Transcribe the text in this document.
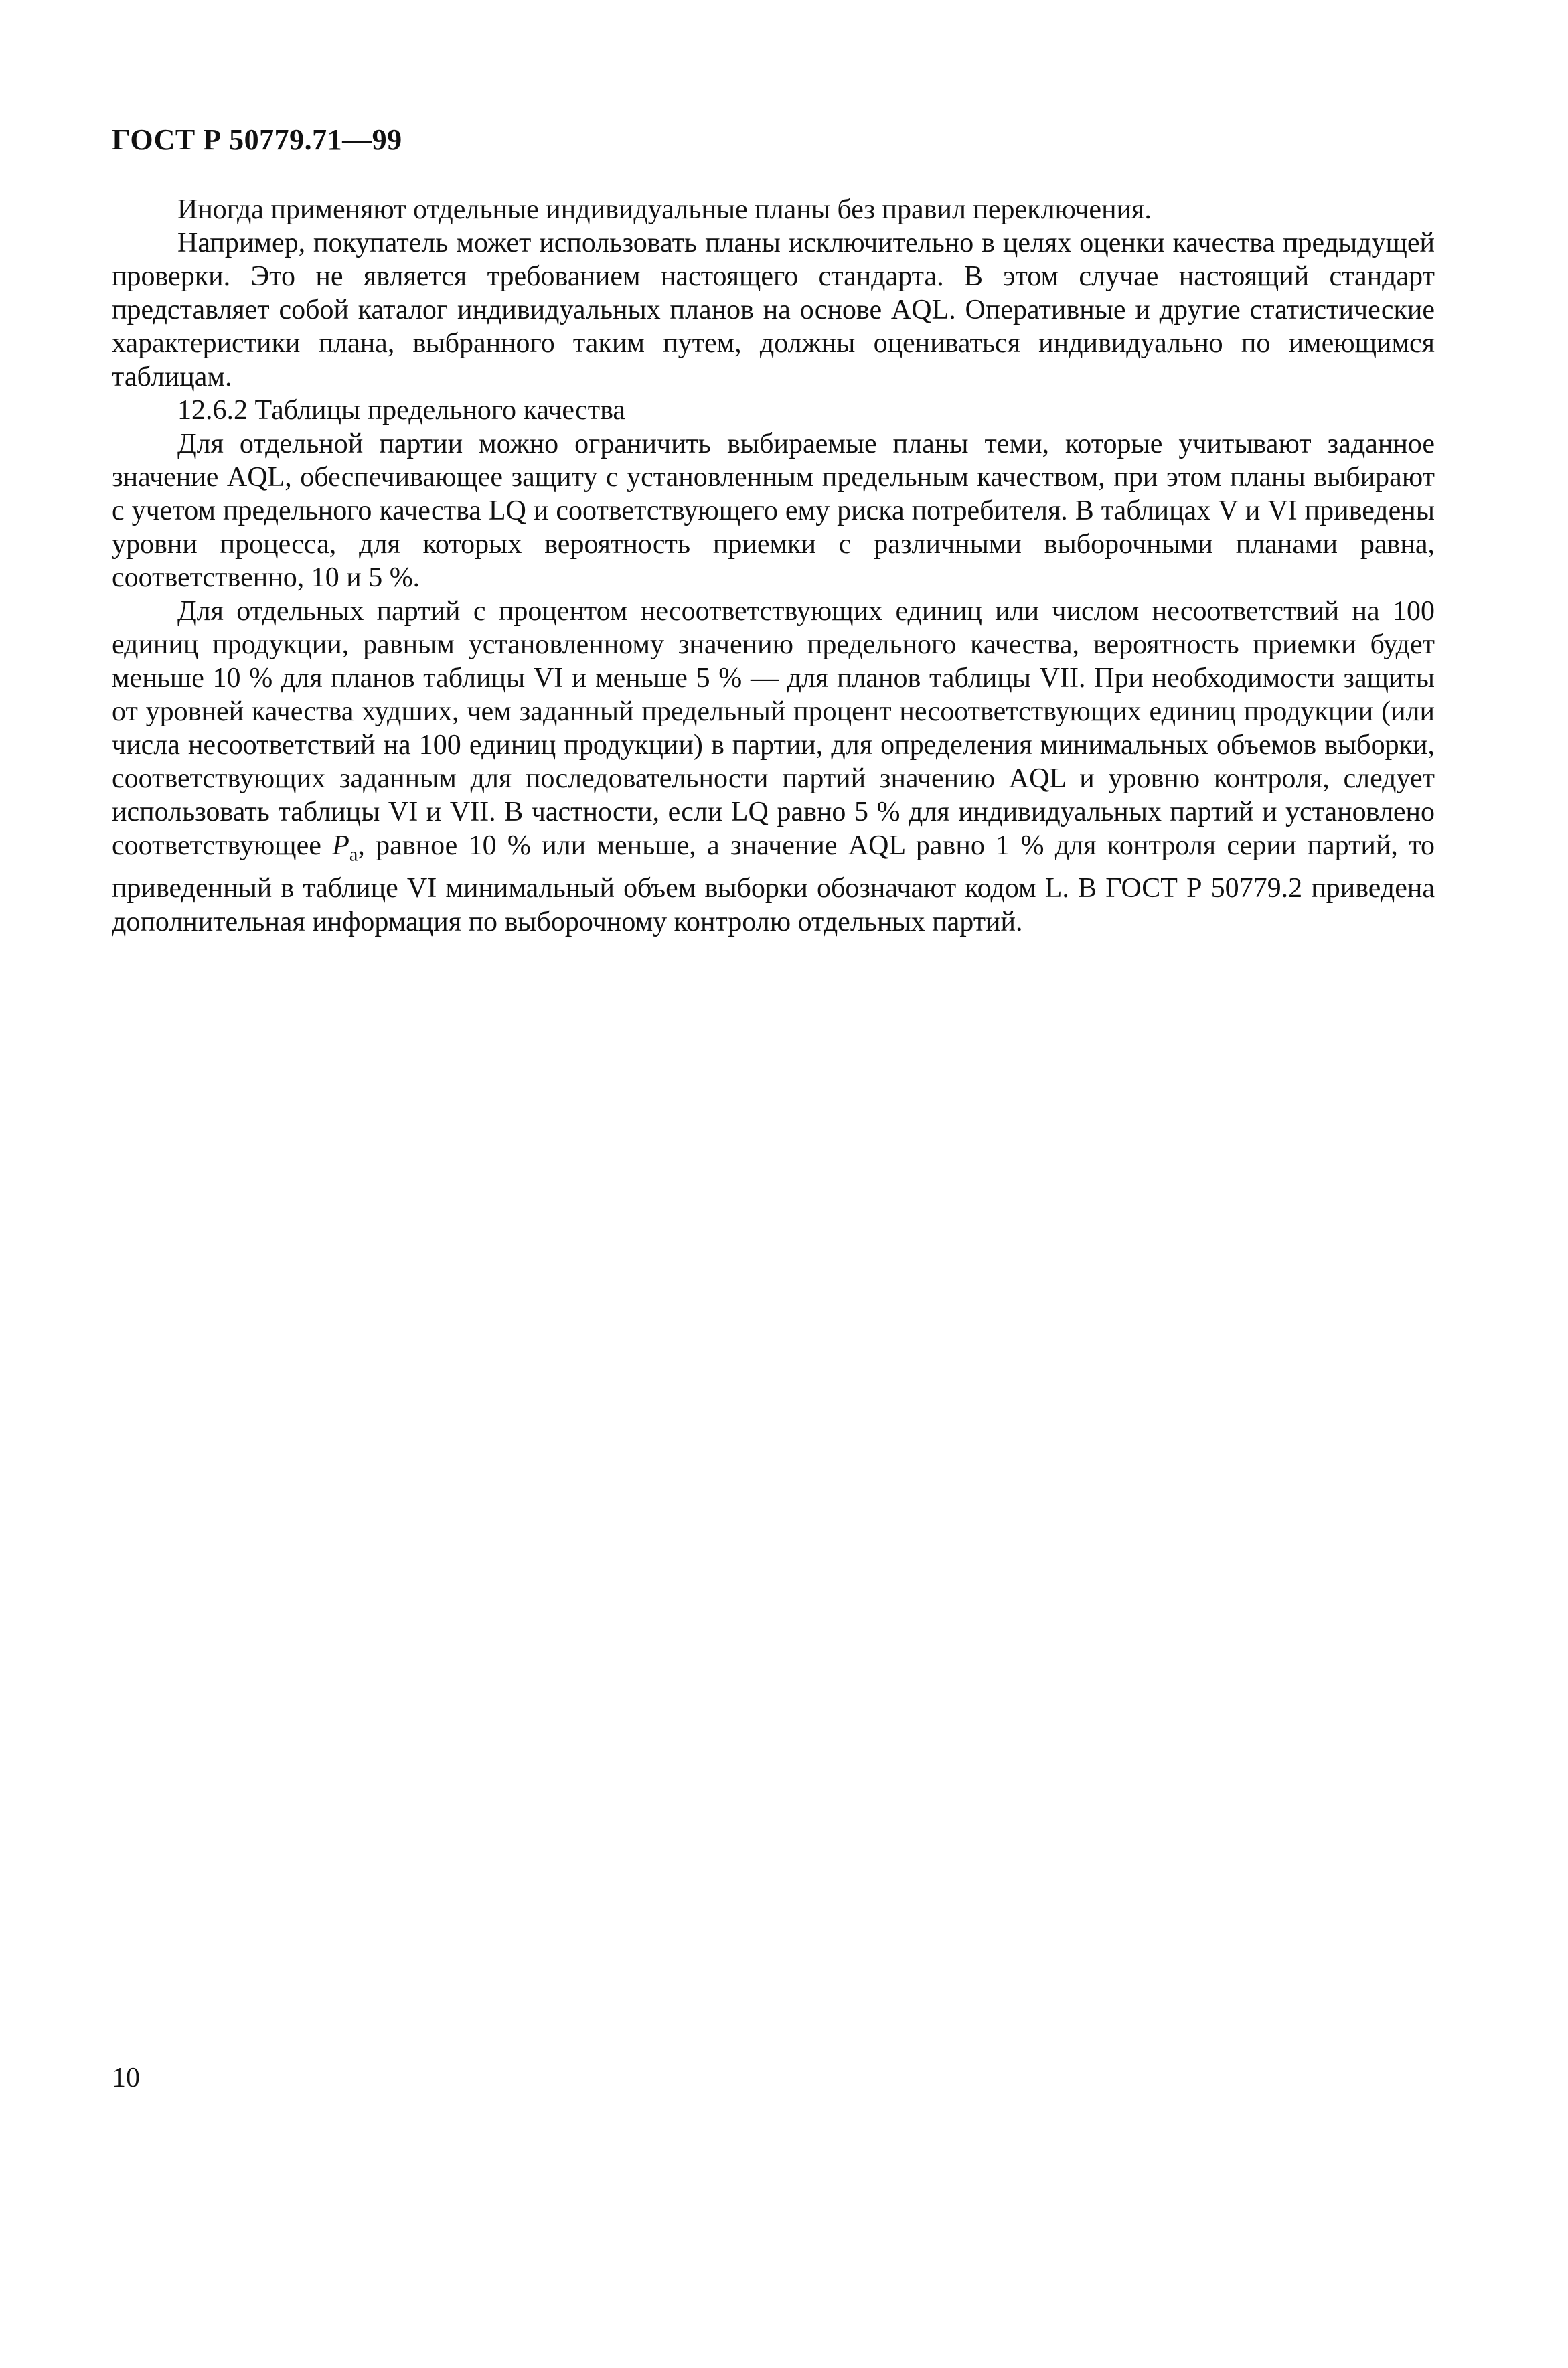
ГОСТ Р 50779.71—99

Иногда применяют отдельные индивидуальные планы без правил переключения.

Например, покупатель может использовать планы исключительно в целях оценки качества предыдущей проверки. Это не является требованием настоящего стандарта. В этом случае настоящий стандарт представляет собой каталог индивидуальных планов на основе AQL. Оперативные и другие статистические характеристики плана, выбранного таким путем, должны оцениваться индивидуально по имеющимся таблицам.

12.6.2 Таблицы предельного качества

Для отдельной партии можно ограничить выбираемые планы теми, которые учитывают заданное значение AQL, обеспечивающее защиту с установленным предельным качеством, при этом планы выбирают с учетом предельного качества LQ и соответствующего ему риска потребителя. В таблицах V и VI приведены уровни процесса, для которых вероятность приемки с различными выборочными планами равна, соответственно, 10 и 5 %.

Для отдельных партий с процентом несоответствующих единиц или числом несоответствий на 100 единиц продукции, равным установленному значению предельного качества, вероятность приемки будет меньше 10 % для планов таблицы VI и меньше 5 % — для планов таблицы VII. При необходимости защиты от уровней качества худших, чем заданный предельный процент несоответствующих единиц продукции (или числа несоответствий на 100 единиц продукции) в партии, для определения минимальных объемов выборки, соответствующих заданным для последовательности партий значению AQL и уровню контроля, следует использовать таблицы VI и VII. В частности, если LQ равно 5 % для индивидуальных партий и установлено соответствующее $P_a$, равное 10 % или меньше, а значение AQL равно 1 % для контроля серии партий, то приведенный в таблице VI минимальный объем выборки обозначают кодом L. В ГОСТ Р 50779.2 приведена дополнительная информация по выборочному контролю отдельных партий.

10
